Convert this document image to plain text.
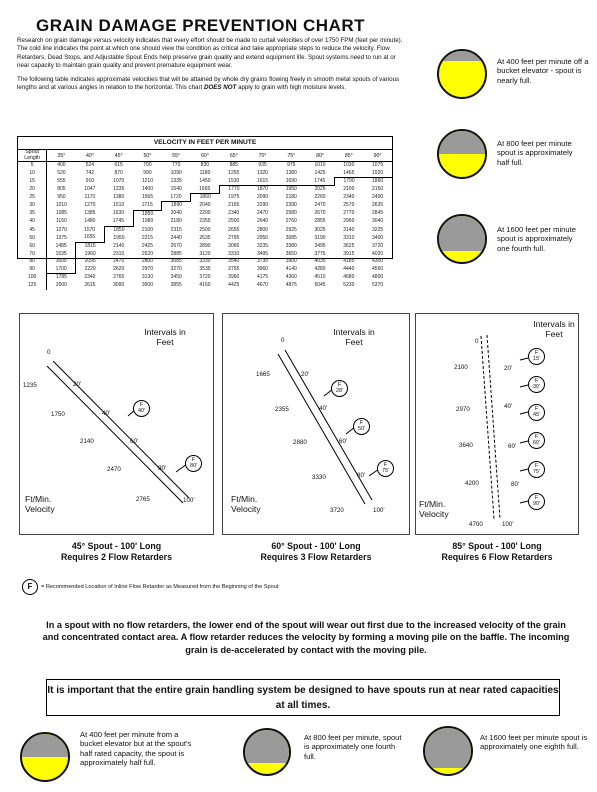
GRAIN DAMAGE PREVENTION CHART

Research on grain damage versus velocity indicates that every effort should be made to curtail velocities of over 1750 FPM (feet per minute). The cold line indicates the point at which one should view the condition as critical and take appropriate steps to reduce the velocity. Flow Retarders, Dead Stops, and Adjustable Spout Ends help preserve grain quality and extend equipment life. Spout systems need to run at or near capacity to maintain grain quality and prevent premature equipment wear.

The following table indicates approximate velocities that will be attained by whole dry grains flowing freely in smooth metal spouts of various lengths and at various angles in relation to the horizontal. This chart DOES NOT apply to grain with high moisture levels.

VELOCITY IN FEET PER MINUTE
Spout Length	35°	40°	45°	50°	55°	60°	65°	70°	75°	80°	85°	90°
5	400	524	615	700	770	830	885	935	975	1010	1030	1075
10	520	742	870	990	1090	1180	1255	1320	1380	1425	1465	1520
15	555	910	1070	1210	1335	1450	1530	1615	1690	1745	1790	1860
20	805	1047	1235	1400	1540	1665	1770	1870	1950	2025	2100	2150
25	950	1170	1380	1565	1720	1860	1975	2090	2180	2260	2340	2400
30	1010	1270	1510	1715	1890	2040	2165	2290	2390	2470	2570	2635
35	1085	1385	1630	1850	2040	2200	2340	2470	2580	2670	2770	2845
40	1160	1480	1745	1980	2180	2355	2500	2640	2760	2855	2960	3040
45	1270	1570	1850	2100	2315	2500	2655	2800	2925	3025	3140	3225
50	1375	1655	1950	2215	2440	2635	2795	2950	3085	3190	3310	3400
60	1485	1815	2140	2425	2670	2890	3065	3235	3380	3495	3625	3720
70	1535	1960	2310	2620	2885	3120	3310	3495	3650	3775	3915	4020
80	1605	2095	2470	2800	3085	3330	3540	3735	3900	4035	4185	4300
90	1700	2220	2620	2970	3270	3535	3755	3960	4140	4280	4440	4560
100	1785	2340	2765	3130	3450	3720	3960	4175	4360	4510	4680	4800
125	2000	2615	3090	3500	3855	4160	4425	4670	4875	5045	5230	5370
At 400 feet per minute off a bucket elevator - spout is nearly full.
At 800 feet per minute spout is approximately half full.
At 1600 feet per minute spout is approximately one fourth full.
Intervals in Feet
0
20'
40'
60'
80'
100'
1235
1750
2140
2470
2765
F
40'
F
80'
Ft/Min. Velocity
Intervals in Feet
0
20'
40'
60'
80'
100'
1665
2355
2880
3330
3720
F
28'
F
50'
F
75'
Ft/Min. Velocity
Intervals in Feet
0
20'
40'
60'
80'
100'
2100
2970
3640
4200
4700
F
15'
F
30'
F
45'
F
60'
F
75'
F
90'
Ft/Min. Velocity
45° Spout - 100' Long
Requires 2 Flow Retarders
60° Spout - 100' Long
Requires 3 Flow Retarders
85° Spout - 100' Long
Requires 6 Flow Retarders
F = Recommended Location of Inline Flow Retarder as Measured from the Beginning of the Spout
In a spout with no flow retarders, the lower end of the spout will wear out first due to the increased velocity of the grain and concentrated contact area. A flow retarder reduces the velocity by forming a moving pile on the baffle. The incoming grain is de-accelerated by contact with the moving pile.
It is important that the entire grain handling system be designed to have spouts run at near rated capacities at all times.
At 400 feet per minute from a bucket elevator but at the spout's half rated capacity, the spout is approximately half full.
At 800 feet per minute, spout is approximately one fourth full.
At 1600 feet per minute spout is approximately one eighth full.
